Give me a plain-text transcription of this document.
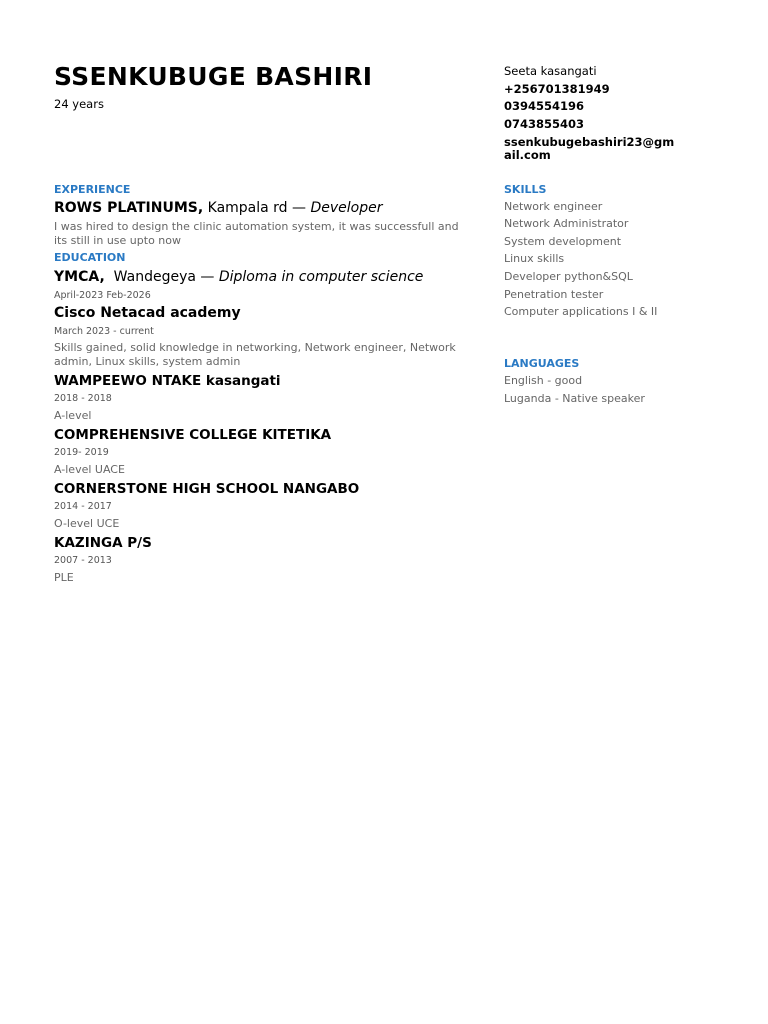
SSENKUBUGE BASHIRI
24 years
Seeta kasangati
+256701381949
0394554196
0743855403
ssenkubugebashiri23@gmail.com
EXPERIENCE
ROWS PLATINUMS, Kampala rd — Developer
I was hired to design the clinic automation system, it was successfull and its still in use upto now
EDUCATION
YMCA,  Wandegeya — Diploma in computer science
April-2023 Feb-2026
Cisco Netacad academy
March 2023 - current
Skills gained, solid knowledge in networking, Network engineer, Network admin, Linux skills, system admin
WAMPEEWO NTAKE kasangati
2018 - 2018
A-level
COMPREHENSIVE COLLEGE KITETIKA
2019- 2019
A-level UACE
CORNERSTONE HIGH SCHOOL NANGABO
2014 - 2017
O-level UCE
KAZINGA P/S
2007 - 2013
PLE
SKILLS
Network engineer
Network Administrator
System development
Linux skills
Developer python&SQL
Penetration tester
Computer applications I & II
LANGUAGES
English - good
Luganda - Native speaker
